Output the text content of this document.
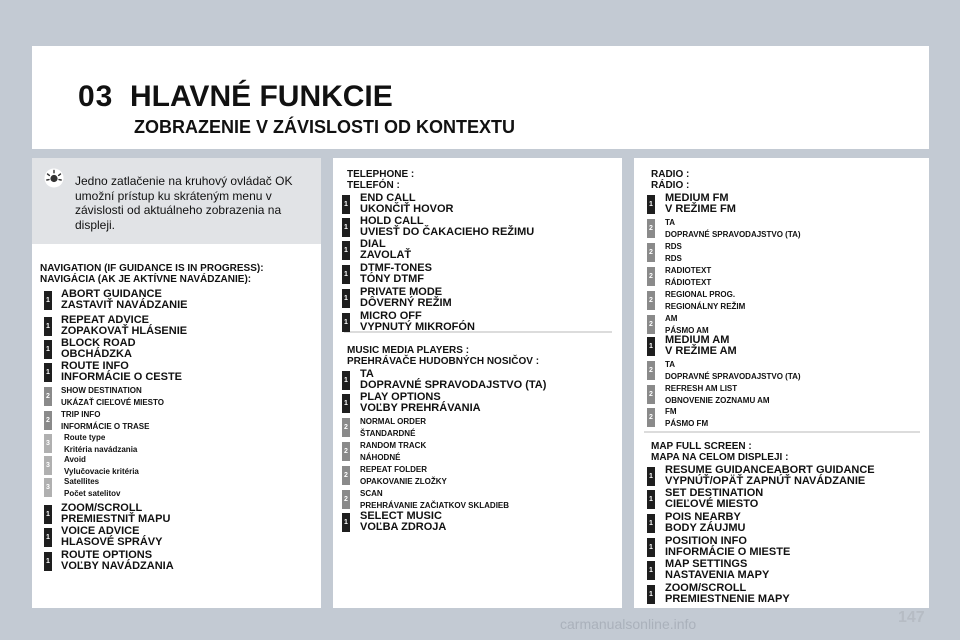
03 HLAVNÉ FUNKCIE
ZOBRAZENIE V ZÁVISLOSTI OD KONTEXTU
Jedno zatlačenie na kruhový ovládač OK umožní prístup ku skráteným menu v závislosti od aktuálneho zobrazenia na displeji.
NAVIGATION (IF GUIDANCE IS IN PROGRESS):
NAVIGÁCIA (AK JE AKTÍVNE NAVÁDZANIE):
1
ABORT GUIDANCE
ZASTAVIŤ NAVÁDZANIE
1
REPEAT ADVICE
ZOPAKOVAŤ HLÁSENIE
1
BLOCK ROAD
OBCHÁDZKA
1
ROUTE INFO
INFORMÁCIE O CESTE
2
SHOW DESTINATION
UKÁZAŤ CIEĽOVÉ MIESTO
2
TRIP INFO
INFORMÁCIE O TRASE
3
Route type
Kritéria navádzania
3
Avoid
Vylučovacie kritéria
3
Satellites
Počet satelitov
1
ZOOM/SCROLL
PREMIESTNIŤ MAPU
1
VOICE ADVICE
HLASOVÉ SPRÁVY
1
ROUTE OPTIONS
VOĽBY NAVÁDZANIA
TELEPHONE :
TELEFÓN :
1
END CALL
UKONČIŤ HOVOR
1
HOLD CALL
UVIESŤ DO ČAKACIEHO REŽIMU
1
DIAL
ZAVOLAŤ
1
DTMF-TONES
TÓNY DTMF
1
PRIVATE MODE
DÔVERNÝ REŽIM
1
MICRO OFF
VYPNUTÝ MIKROFÓN
MUSIC MEDIA PLAYERS :
PREHRÁVAČE HUDOBNÝCH NOSIČOV :
1
TA
DOPRAVNÉ SPRAVODAJSTVO (TA)
1
PLAY OPTIONS
VOĽBY PREHRÁVANIA
2
NORMAL ORDER
ŠTANDARDNÉ
2
RANDOM TRACK
NÁHODNÉ
2
REPEAT FOLDER
OPAKOVANIE ZLOŽKY
2
SCAN
PREHRÁVANIE ZAČIATKOV SKLADIEB
1
SELECT MUSIC
VOĽBA ZDROJA
RADIO :
RÁDIO :
1
MEDIUM FM
V REŽIME FM
2
TA
DOPRAVNÉ SPRAVODAJSTVO (TA)
2
RDS
RDS
2
RADIOTEXT
RÁDIOTEXT
2
REGIONAL PROG.
REGIONÁLNY REŽIM
2
AM
PÁSMO AM
1
MEDIUM AM
V REŽIME AM
2
TA
DOPRAVNÉ SPRAVODAJSTVO (TA)
2
REFRESH AM LIST
OBNOVENIE ZOZNAMU AM
2
FM
PÁSMO FM
MAP FULL SCREEN :
MAPA NA CELOM DISPLEJI :
1
RESUME GUIDANCEABORT GUIDANCE
VYPNÚŤ/OPÄŤ ZAPNÚŤ NAVÁDZANIE
1
SET DESTINATION
CIEĽOVÉ MIESTO
1
POIS NEARBY
BODY ZÁUJMU
1
POSITION INFO
INFORMÁCIE O MIESTE
1
MAP SETTINGS
NASTAVENIA MAPY
1
ZOOM/SCROLL
PREMIESTNENIE MAPY
147
carmanualsonline.info
